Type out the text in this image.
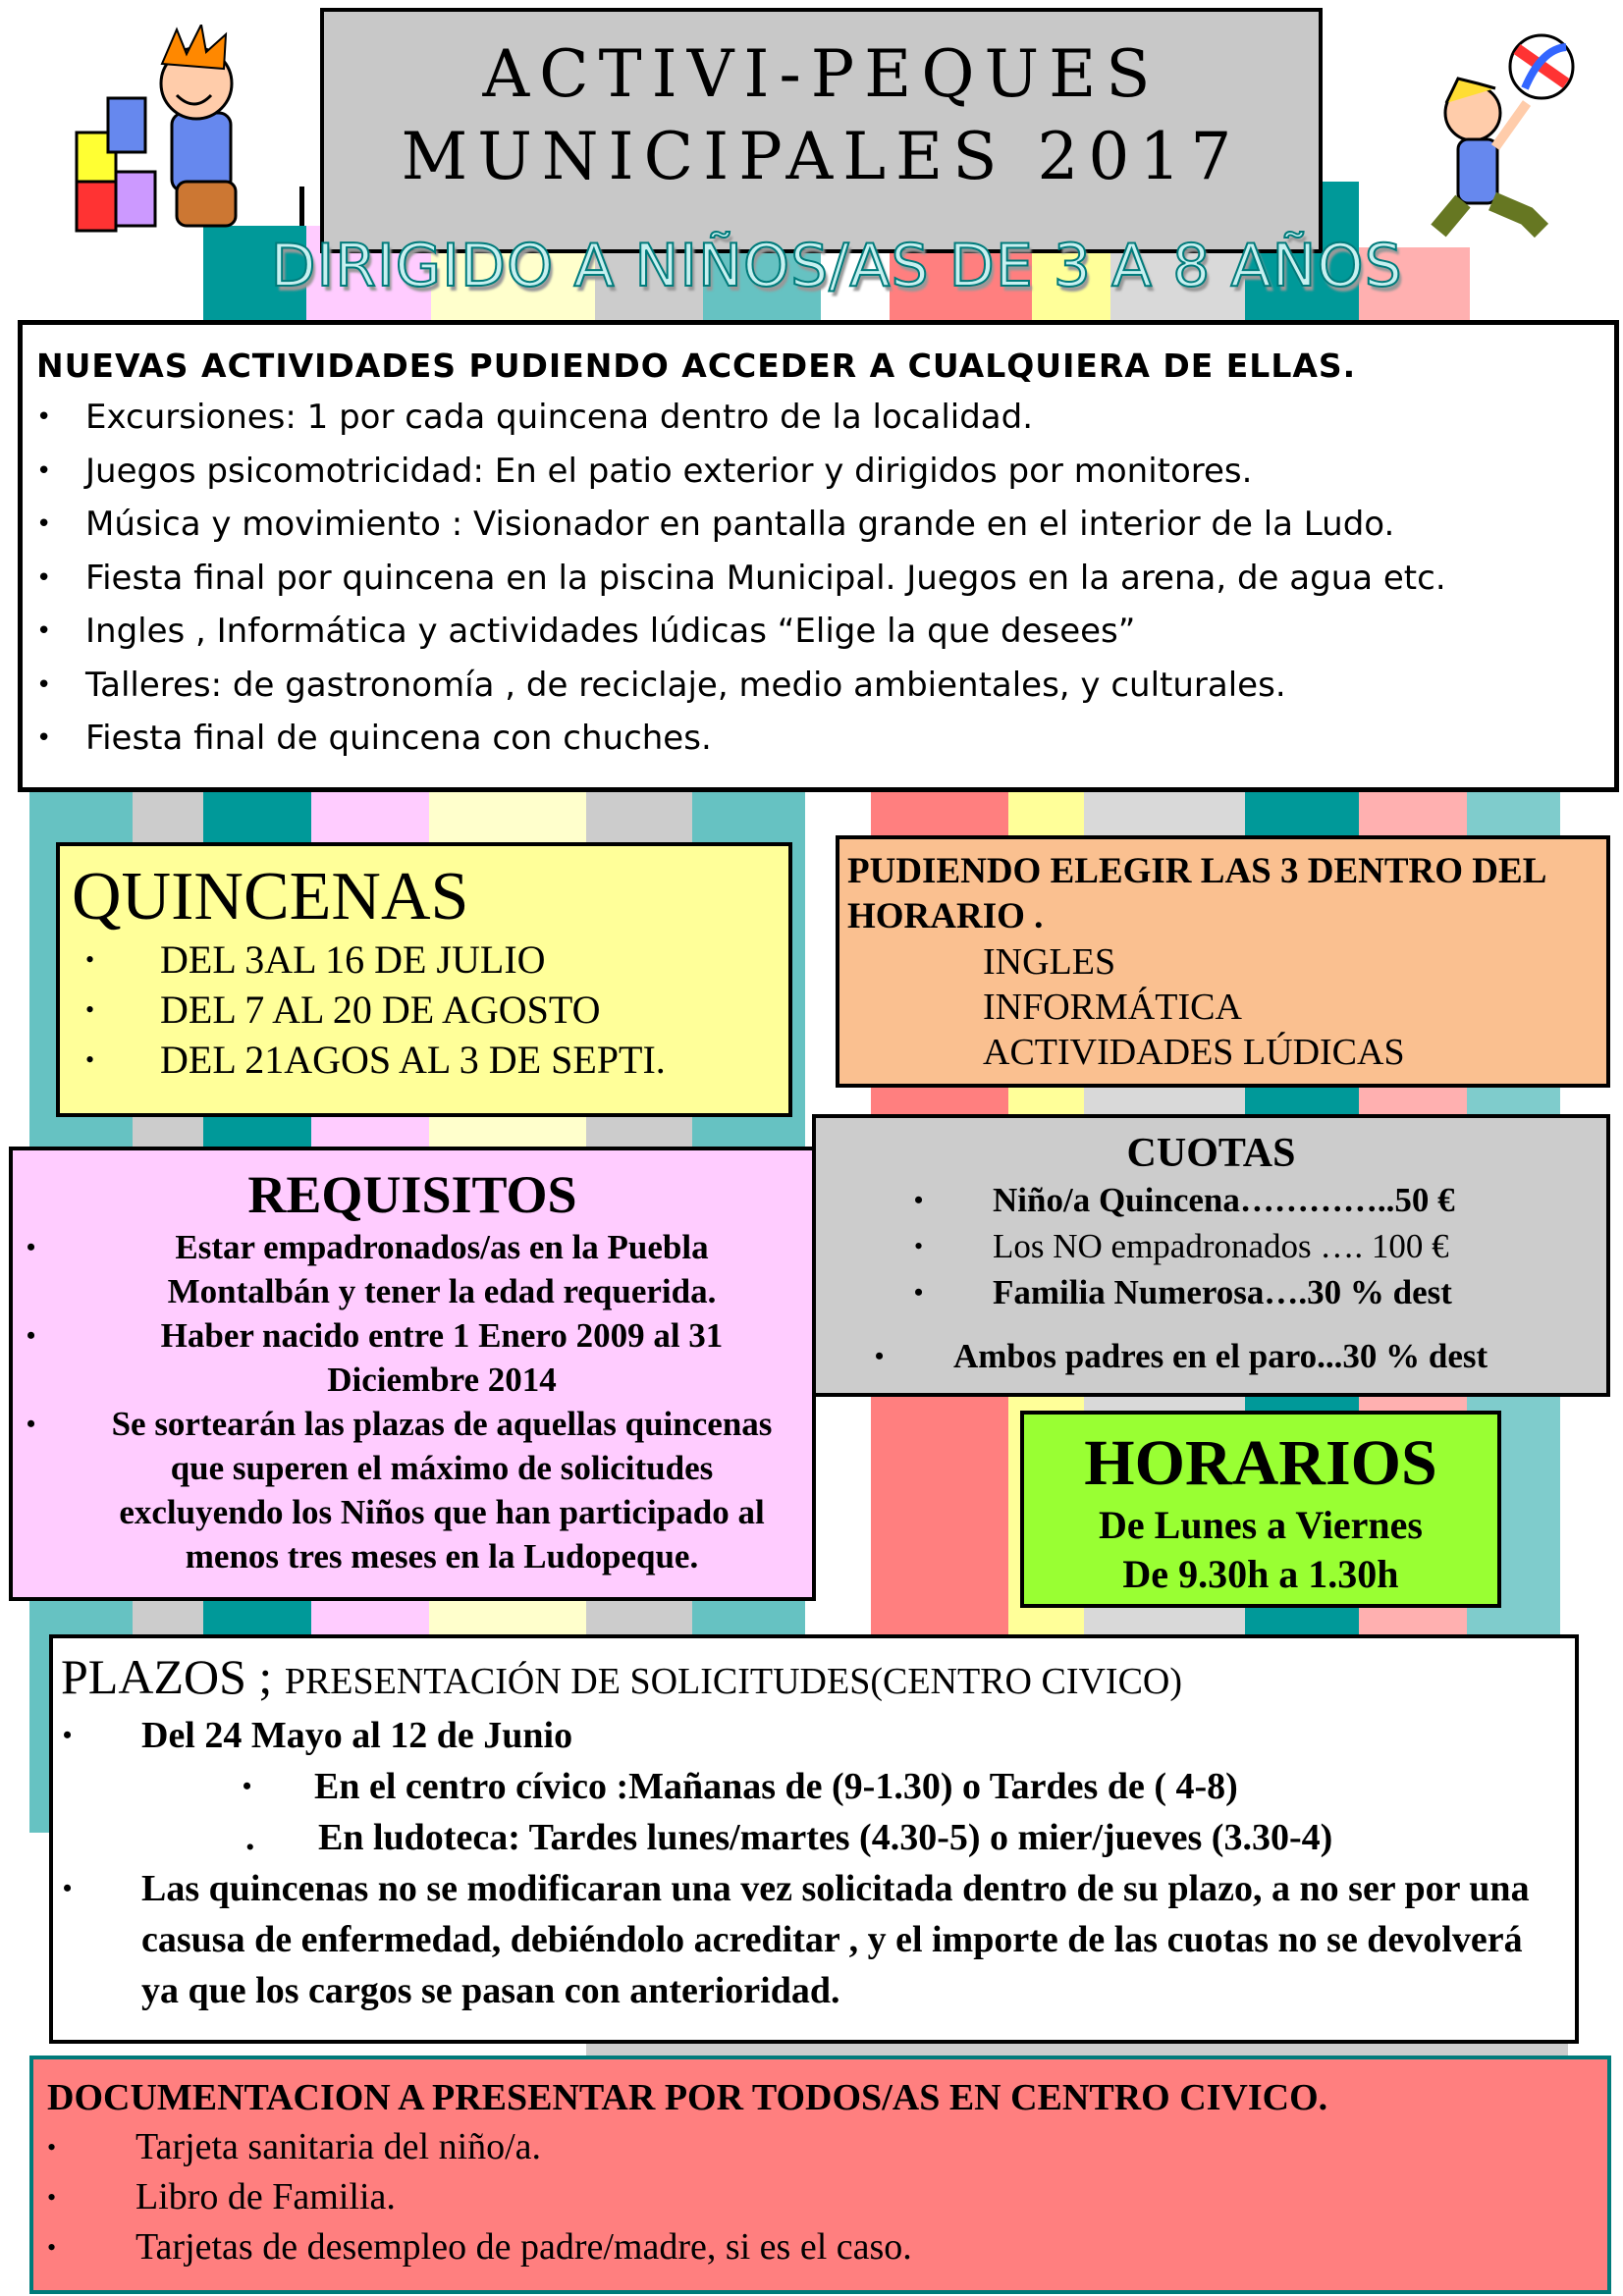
ACTIVI-PEQUES
MUNICIPALES 2017
DIRIGIDO A NIÑOS/AS DE 3 A 8 AÑOS
NUEVAS ACTIVIDADES PUDIENDO ACCEDER A CUALQUIERA DE ELLAS.
• Excursiones: 1 por cada quincena dentro de la localidad.
• Juegos psicomotricidad: En el patio exterior y dirigidos por monitores.
• Música y movimiento : Visionador en pantalla grande en el interior de la Ludo.
• Fiesta final por quincena en la piscina Municipal. Juegos en la arena, de agua etc.
• Ingles , Informática y actividades lúdicas “Elige la que desees”
• Talleres: de gastronomía , de reciclaje, medio ambientales, y culturales.
• Fiesta final de quincena con chuches.
QUINCENAS
• DEL 3AL 16 DE JULIO
• DEL 7 AL 20 DE AGOSTO
• DEL 21AGOS AL 3 DE SEPTI.
PUDIENDO ELEGIR LAS 3 DENTRO DEL HORARIO .
INGLES
INFORMÁTICA
ACTIVIDADES LÚDICAS
CUOTAS
• Niño/a Quincena…………..50 €
• Los NO empadronados …. 100 €
• Familia Numerosa….30 % dest
• Ambos padres en el paro...30 % dest
REQUISITOS
• Estar empadronados/as en la Puebla Montalbán y tener la edad requerida.
• Haber nacido entre 1 Enero 2009 al 31 Diciembre 2014
• Se sortearán las plazas de aquellas quincenas que superen el máximo de solicitudes excluyendo los Niños que han participado al menos tres meses en la Ludopeque.
HORARIOS
De Lunes a Viernes
De 9.30h a 1.30h
PLAZOS ; PRESENTACIÓN DE SOLICITUDES(CENTRO CIVICO)
• Del 24 Mayo al 12 de Junio
• En el centro cívico :Mañanas de (9-1.30) o Tardes de ( 4-8)
. En ludoteca: Tardes lunes/martes (4.30-5) o mier/jueves (3.30-4)
• Las quincenas no se modificaran una vez solicitada dentro de su plazo, a no ser por una casusa de enfermedad, debiéndolo acreditar , y el importe de las cuotas no se devolverá ya que los cargos se pasan con anterioridad.
DOCUMENTACION A PRESENTAR POR TODOS/AS EN CENTRO CIVICO.
• Tarjeta sanitaria del niño/a.
• Libro de Familia.
• Tarjetas de desempleo de padre/madre, si es el caso.
